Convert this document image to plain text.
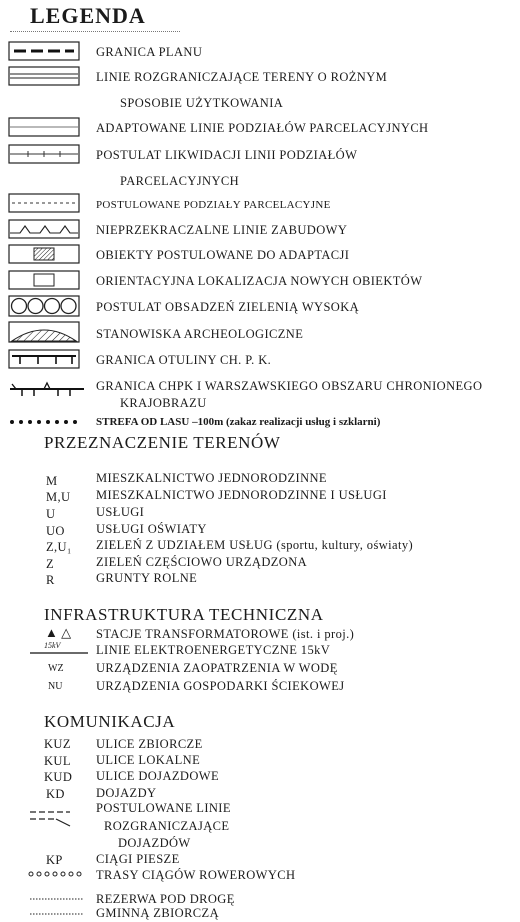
LEGENDA
GRANICA PLANU
LINIE ROZGRANICZAJĄCE TERENY O ROŻNYM
SPOSOBIE UŻYTKOWANIA
ADAPTOWANE LINIE PODZIAŁÓW PARCELACYJNYCH
POSTULAT LIKWIDACJI LINII PODZIAŁÓW
PARCELACYJNYCH
POSTULOWANE PODZIAŁY PARCELACYJNE
NIEPRZEKRACZALNE LINIE ZABUDOWY
OBIEKTY POSTULOWANE DO ADAPTACJI
ORIENTACYJNA LOKALIZACJA NOWYCH OBIEKTÓW
POSTULAT OBSADZEŃ ZIELENIĄ WYSOKĄ
STANOWISKA ARCHEOLOGICZNE
GRANICA OTULINY CH. P. K.
GRANICA CHPK I WARSZAWSKIEGO OBSZARU CHRONIONEGO
KRAJOBRAZU
STREFA OD LASU –100m (zakaz realizacji usług i szklarni)
PRZEZNACZENIE TERENÓW
M	MIESZKALNICTWO JEDNORODZINNE
M,U MIESZKALNICTWO JEDNORODZINNE I USŁUGI
U	USŁUGI
UO USŁUGI OŚWIATY
Z,U₁ ZIELEŃ Z UDZIAŁEM USŁUG (sportu, kultury, oświaty)
Z	ZIELEŃ CZĘŚCIOWO URZĄDZONA
R	GRUNTY ROLNE
INFRASTRUKTURA TECHNICZNA
▲ △ STACJE TRANSFORMATOROWE (ist. i proj.)
15kV	LINIE ELEKTROENERGETYCZNE 15kV
WZ	URZĄDZENIA ZAOPATRZENIA W WODĘ
NU	URZĄDZENIA GOSPODARKI ŚCIEKOWEJ
KOMUNIKACJA
KUZ ULICE ZBIORCZE
KUL ULICE LOKALNE
KUD ULICE DOJAZDOWE
KD DOJAZDY
POSTULOWANE LINIE
ROZGRANICZAJĄCE
DOJAZDÓW
KP	CIĄGI PIESZE
TRASY CIĄGÓW ROWEROWYCH
REZERWA POD DROGĘ
GMINNĄ ZBIORCZĄ
